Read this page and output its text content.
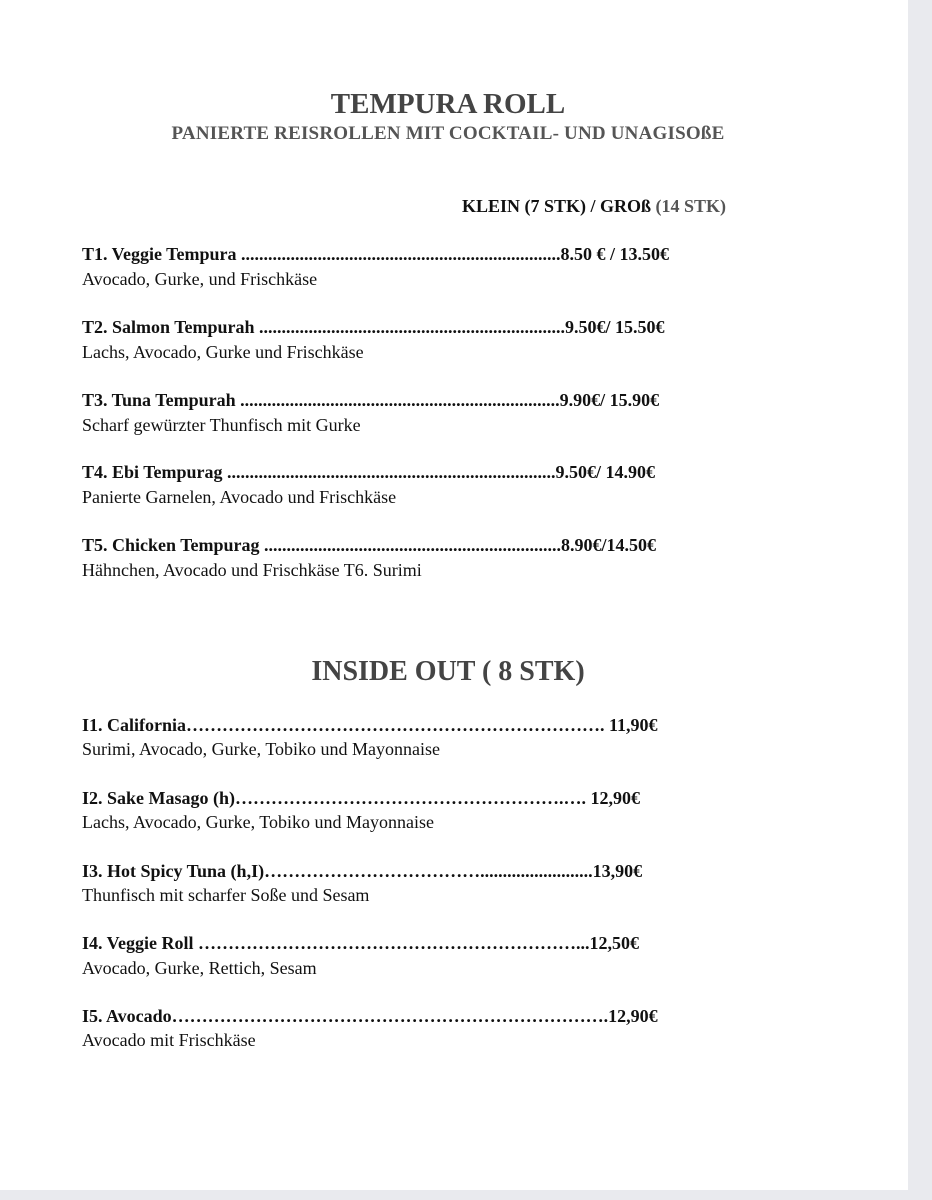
TEMPURA ROLL
PANIERTE REISROLLEN MIT COCKTAIL- UND UNAGISOßE
KLEIN (7 STK) / GROß (14 STK)
T1. Veggie Tempura .......................................................................8.50 € / 13.50€
Avocado, Gurke, und Frischkäse
T2. Salmon Tempurah ....................................................................9.50€/ 15.50€
Lachs, Avocado, Gurke und Frischkäse
T3. Tuna Tempurah .......................................................................9.90€/ 15.90€
Scharf gewürzter Thunfisch mit Gurke
T4. Ebi Tempurag .........................................................................9.50€/ 14.90€
Panierte Garnelen, Avocado und Frischkäse
T5. Chicken Tempurag ..................................................................8.90€/14.50€
Hähnchen, Avocado und Frischkäse T6. Surimi
INSIDE OUT ( 8 STK)
I1. California……………………………………………………………. 11,90€
Surimi, Avocado, Gurke, Tobiko und Mayonnaise
I2. Sake Masago (h)……………………………………………….…. 12,90€
Lachs, Avocado, Gurke, Tobiko und Mayonnaise
I3. Hot Spicy Tuna (h,I)……………………………….........................13,90€
Thunfisch mit scharfer Soße und Sesam
I4. Veggie Roll ………………………………………………………...12,50€
Avocado, Gurke, Rettich, Sesam
I5. Avocado……………………………………………………………….12,90€
Avocado mit Frischkäse
